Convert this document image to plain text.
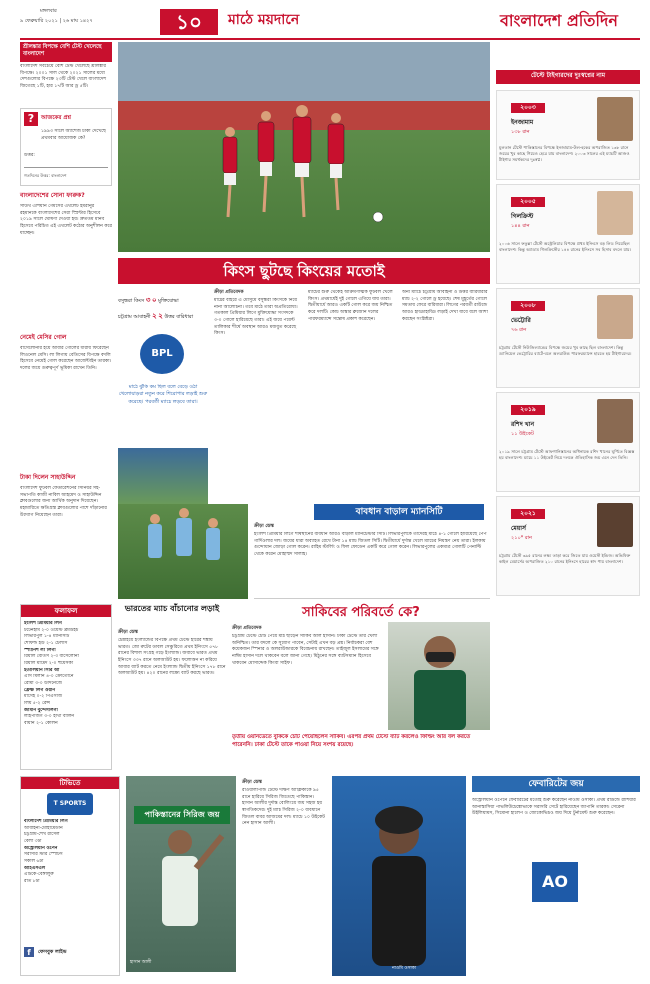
মঙ্গলবার
৯ ফেব্রুয়ারি ২০২১ | ২৬ মাঘ ১৪২৭	১০	মাঠে ময়দানে	বাংলাদেশ প্রতিদিন
শ্রীলঙ্কার বিপক্ষে বেশি টেস্ট খেলেছে বাংলাদেশ
বাংলাদেশ সবচেয়ে বেশি টেস্ট খেলেছে শ্রীলঙ্কার বিপক্ষে। ২০০১ সাল থেকে ২০২১ সালের মধ্যে দেশগুলোর বিপক্ষে ২৩টি টেস্ট খেলে বাংলাদেশ জিতেছে ১টি, হার ১৭টি আর ড্র ৫টি।
?	আজকের প্রশ্ন
১৯৯৩ সালে অ্যাশেজ চাকা দেখেছে প্রথমবার আয়োজক কে?
উত্তর:
গতদিনের উত্তর: বাংলাদেশ
বাংলাদেশের সোনা ফারুক?
সাউথ এশিয়ান গেমসের এথলেট ইমরানুর রহমানকে বাংলাদেশের সেরা স্প্রিন্টার হিসেবে ২০১৯ সালে ঘোষণা দেওয়া হয়। দ্রুততম মানব হিসেবে পরিচিত এই এথলেট কঠোর অনুশীলন করে যাচ্ছেন।
নেমেই মেসির গোল
বার্সেলোনার হয়ে আবার গোলের ধারায় ফিরেছেন লিওনেল মেসি। লা লিগায় বেতিসের বিপক্ষে বদলি হিসেবে নেমেই গোল করেছেন আর্জেন্টাইন তারকা। দলের জয়ে গুরুত্বপূর্ণ ভূমিকা রাখেন তিনি।
টাকা দিলেন সাহাউদ্দিন
বাংলাদেশ ফুটবল ফেডারেশনের সিনিয়র সহ-সভাপতি কাজী নাবিল আহমেদ ও সাহাউদ্দিন ক্লাবগুলোর জন্য আর্থিক অনুদান দিয়েছেন। মহামারিতে ক্ষতিগ্রস্ত ক্লাবগুলোর পাশে দাঁড়ানোর উদ্যোগ নিয়েছেন তারা।
টেস্টে টাইগারদের দুঃস্বপ্নের নাম
২০০৩
ইনজামাম
১৩৮ রান
মুলতান টেস্টে পাকিস্তানের বিপক্ষে ইনজামাম-উল-হকের অপরাজিত ১৩৮ রানে জয়ের খুব কাছে গিয়েও হেরে যায় বাংলাদেশ। ২০০৩ সালের এই ম্যাচটি আজও টাইগার সমর্থকদের দুঃস্বপ্ন।
২০০৫
গিলক্রিস্ট
১৪৪ রান
২০০৬ সালে ফতুল্লা টেস্টে অস্ট্রেলিয়ার বিপক্ষে প্রথম ইনিংসে বড় লিড নিয়েছিল বাংলাদেশ। কিন্তু অ্যাডাম গিলক্রিস্টের ১৪৪ রানের ইনিংসে সব হিসাব বদলে যায়।
২০০৮
ভেট্টোরি
৭৬ রান
চট্টগ্রাম টেস্টে নিউজিল্যান্ডের বিপক্ষে জয়ের খুব কাছে ছিল বাংলাদেশ। কিন্তু ড্যানিয়েল ভেট্টোরির ব্যাটে-বলে অলরাউন্ড পারফরম্যান্সে হারতে হয় টাইগারদের।
২০১৯
রশিদ খান
১১ উইকেট
২০১৯ সালে চট্টগ্রাম টেস্টে আফগানিস্তানের অধিনায়ক রশিদ খানের ঘূর্ণিতে বিধ্বস্ত হয় বাংলাদেশ। ম্যাচে ১১ উইকেট নিয়ে দলকে ঐতিহাসিক জয় এনে দেন তিনি।
২০২১
মেয়ার্স
২১০* রান
চট্টগ্রাম টেস্টে ৩৯৫ রানের লক্ষ্য তাড়া করে জিতে যায় ওয়েস্ট ইন্ডিজ। অভিষিক্ত কাইল মেয়ার্সের অপরাজিত ২১০ রানের ইনিংসে হারের স্বাদ পায় বাংলাদেশ।
কিংস ছুটছে কিংয়ের মতোই
বসুন্ধরা কিংস ৩ ০ মুক্তিযোদ্ধা
চট্টগ্রাম আবাহনী ২ ২ উত্তর বারিধারা
BPL
মাঠে ঝুঁকি কম ছিল বলে বেড়ে ওঠা খেলোয়াড়রা নতুন করে শিরোপার লড়াই শুরু করেছে। পরবর্তী ম্যাচে লড়বে তারা।
ক্রীড়া প্রতিবেদক
মাঠের বাইরে এ মৌসুমে বসুন্ধরা কিংসকে নিয়ে নানা আলোচনা। তবে মাঠে তারা অপ্রতিরোধ্য। গতকাল প্রিমিয়ার লিগে মুক্তিযোদ্ধা সংসদকে ৩-০ গোলে হারিয়েছে তারা। এই জয়ে পয়েন্ট তালিকার শীর্ষে অবস্থান আরও মজবুত করেছে কিংস।
ম্যাচের শুরু থেকেই আক্রমণাত্মক ফুটবল খেলে কিংস। প্রথমার্ধেই দুই গোলে এগিয়ে যায় তারা। দ্বিতীয়ার্ধে আরও একটি গোল করে জয় নিশ্চিত করে দলটি। কোচ অস্কার ব্রুজোন দলের পারফরম্যান্সে সন্তোষ প্রকাশ করেছেন।
অন্য ম্যাচে চট্টগ্রাম আবাহনী ও উত্তর বারিধারার ম্যাচ ২-২ গোলে ড্র হয়েছে। শেষ মুহূর্তের গোলে সমতায় ফেরে বারিধারা। লিগের পরবর্তী রাউন্ডে আরও হাড্ডাহাড্ডি লড়াই দেখা যাবে বলে আশা করছেন সংশ্লিষ্টরা।
বাবধান বাড়াল ম্যানসিটি
ক্রীড়া ডেস্ক
ইংলিশ প্রিমিয়ার লিগে শীর্ষস্থানের ব্যবধান আরও বাড়াল ম্যানচেস্টার সিটি। লিভারপুলকে তাদেরই মাঠে ৪-১ গোলে হারিয়েছে পেপ গার্দিওলার দল। জয়ের ধারা অব্যাহত রেখে টানা ১৪ ম্যাচ জিতল সিটি। দ্বিতীয়ার্ধে দুর্দান্ত খেলে ম্যাচের নিয়ন্ত্রণ নেয় তারা। ইলকায় গুন্দোয়ান জোড়া গোল করেন। রাহিম স্টার্লিং ও ফিল ফোডেন একটি করে গোল করেন। লিভারপুলের একমাত্র গোলটি পেনাল্টি থেকে করেন মোহাম্মদ সালাহ।
ফলাফল
ইংলিশ প্রিমিয়ার লিগ
টটেনহাম ২-০ ওয়েস্ট ব্রমউইচ
লিভারপুল ১-৪ ম্যানসিটি
শেফিল্ড ইউ ২-১ চেলসি
স্প্যানিশ লা লিগা
রিয়াল বেতিস ২-৩ বার্সেলোনা
রিয়াল মাদ্রিদ ২-০ হুয়েসকা
ইতালিয়ান সিরি আ
এসি মিলান ৪-০ ক্রোতোনে
রোমা ৩-০ উদিনেজে
ফ্রেঞ্চ লিগ ওয়ান
মার্সেই ০-২ পিএসজি
লিয়ঁ ৫-২ রেন্স
জার্মান বুন্দেসলিগা
লাইপজিগ ৩-০ হার্থা বার্লিন
বায়ার্ন ২-১ কোলন
ভারতের ম্যাচ বাঁচানোর লড়াই
ক্রীড়া ডেস্ক
চেন্নাইয়ে ইংল্যান্ডের বিপক্ষে প্রথম টেস্টে হারের শঙ্কায় ভারত। জো রুটের ডাবল সেঞ্চুরিতে প্রথম ইনিংসে ৫৭৮ রানের বিশাল সংগ্রহ গড়ে ইংল্যান্ড। জবাবে ভারত প্রথম ইনিংসে ৩৩৭ রানে অলআউট হয়। ফলোঅন না করিয়ে আবার ব্যাট করতে নেমে ইংল্যান্ড দ্বিতীয় ইনিংসে ১৭৮ রানে অলআউট হয়। ৪২০ রানের লক্ষ্যে ব্যাট করছে ভারত।
সাকিবের পরিবর্তে কে?
ক্রীড়া প্রতিবেদক
চট্টগ্রাম টেস্টে চোট পেয়ে মাঠ ছাড়েন সাকিব আল হাসান। ঢাকা টেস্টে তার খেলা অনিশ্চিত। তার বদলে কে সুযোগ পাবেন, সেটাই এখন বড় প্রশ্ন। নির্বাচকরা বেশ কয়েকজন স্পিনার ও অলরাউন্ডারকে বিবেচনায় রাখছেন। তাইজুল ইসলামের সঙ্গে নাঈম হাসান দলে থাকবেন বলে জানা গেছে। মিঠুনের সঙ্গে ব্যাটসম্যান হিসেবে থাকবেন মোসাদ্দেক কিংবা সাইফ।
তৃতীয় ওয়ানডেতে বুকিকে চোট পেয়েছিলেন সাকিব। এরপর প্রথম টেস্টে ব্যাট করলেও ফিল্ডিং আর বল করতে পারেননি। ঢাকা টেস্টে তাকে পাওয়া নিয়ে সংশয় রয়েছে।
টিভিতে
T SPORTS
বাংলাদেশ প্রিমিয়ার লিগ
আবাহনী-মোহামেডান
চট্টগ্রাম-শেখ রাসেল
বেলা ৩টা
অস্ট্রেলিয়ান ওপেন
সরাসরি স্টার স্পোর্টস
সকাল ৬টা
আইএসএল
এটিকে-বেঙ্গালুরু
রাত ৮টা
f	ফেসবুক লাইভ
হাসান আলী
পাকিস্তানের সিরিজ জয়
ক্রীড়া ডেস্ক
রাওয়ালপিন্ডি টেস্টে দক্ষিণ আফ্রিকাকে ৯৫ রানে হারিয়ে সিরিজ জিতেছে পাকিস্তান। হাসান আলীর দুর্দান্ত বোলিংয়ে জয় সহজ হয় স্বাগতিকদের। দুই ম্যাচ সিরিজ ২-০ ব্যবধানে জিতল বাবর আজমের দল। ম্যাচে ১০ উইকেট নেন হাসান আলী।
নাওমি ওসাকা
ফেবারিটের জয়
অস্ট্রেলিয়ান ওপেনে ফেবারিটের মতোই শুরু করেছেন নাওমি ওসাকা। প্রথম রাউন্ডে রাশিয়ার আনাস্তাসিয়া পাভলিউচেঙ্কোভাকে সরাসরি সেটে হারিয়েছেন জাপানি তারকা। সেরেনা উইলিয়ামস, সিমোনা হালেপ ও জোকোভিচও জয় দিয়ে টুর্নামেন্ট শুরু করেছেন।
AO
